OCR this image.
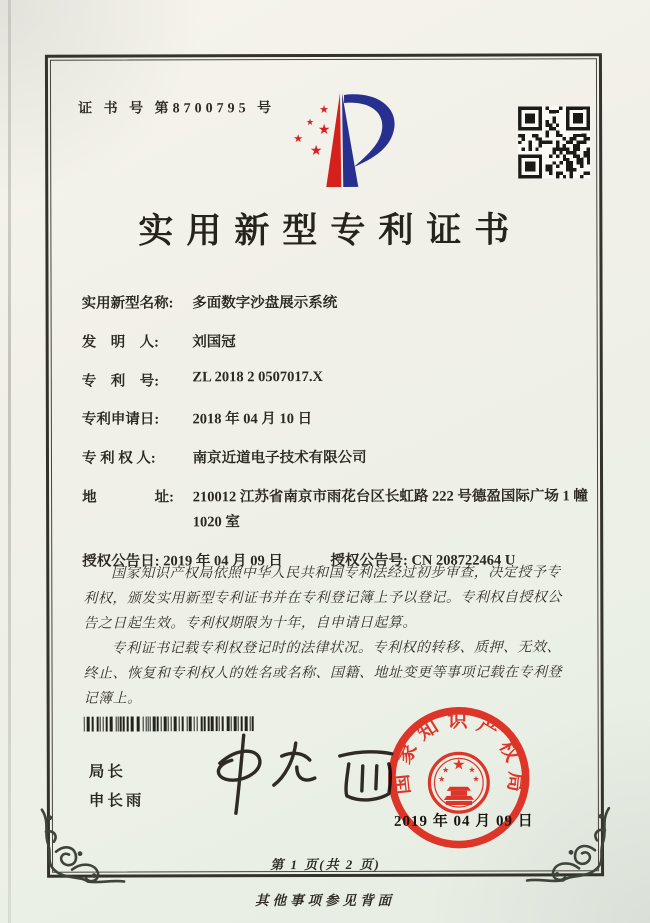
证 书 号 第8700795 号	★
★
★
★
★
实用新型专利证书
实用新型名称: 多面数字沙盘展示系统
发　明　人: 刘国冠
专　利　号: ZL 2018 2 0507017.X
专利申请日: 2018 年 04 月 10 日
专 利 权 人:	南京近道电子技术有限公司
地　　　　址: 210012 江苏省南京市雨花台区长虹路 222 号德盈国际广场 1 幢 1020 室
授权公告日: 2019 年 04 月 09 日	授权公告号: CN 208722464 U

国家知识产权局依照中华人民共和国专利法经过初步审查，决定授予专利权，颁发实用新型专利证书并在专利登记簿上予以登记。专利权自授权公告之日起生效。专利权期限为十年，自申请日起算。

专利证书记载专利权登记时的法律状况。专利权的转移、质押、无效、终止、恢复和专利权人的姓名或名称、国籍、地址变更等事项记载在专利登记簿上。

局长
申长雨
国家知识产权局
★
★ ★
★	★
2019 年 04 月 09 日
第 1 页(共 2 页)
其他事项参见背面
